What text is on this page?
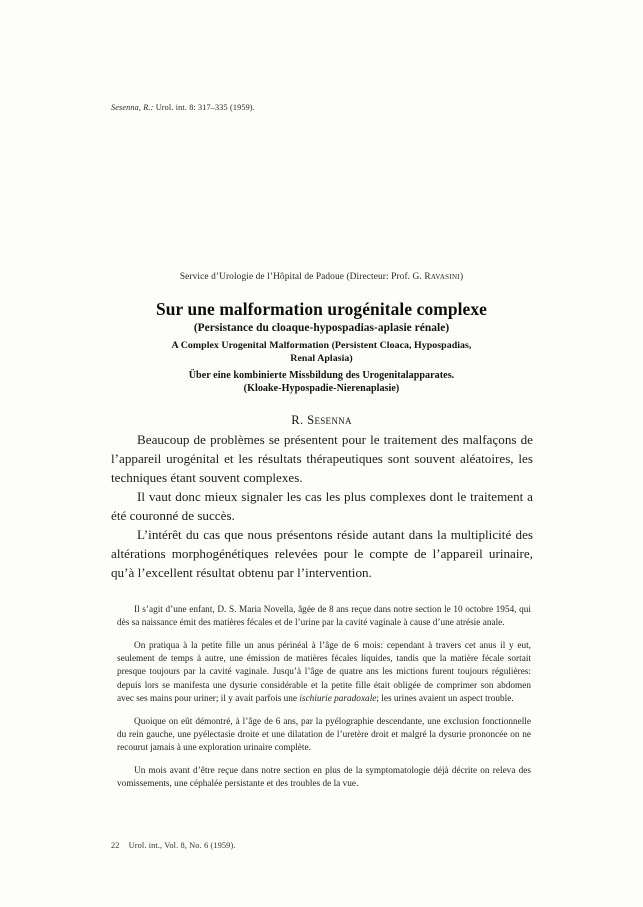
Sesenna, R.: Urol. int. 8: 317–335 (1959).
Service d’Urologie de l’Hôpital de Padoue (Directeur: Prof. G. Ravasini)
Sur une malformation urogénitale complexe
(Persistance du cloaque-hypospadias-aplasie rénale)
A Complex Urogenital Malformation (Persistent Cloaca, Hypospadias,
Renal Aplasia)
Über eine kombinierte Missbildung des Urogenitalapparates.
(Kloake-Hypospadie-Nierenaplasie)
R. Sesenna

Beaucoup de problèmes se présentent pour le traitement des malfaçons de l’appareil urogénital et les résultats thérapeutiques sont souvent aléatoires, les techniques étant souvent complexes.

Il vaut donc mieux signaler les cas les plus complexes dont le traitement a été couronné de succès.

L’intérêt du cas que nous présentons réside autant dans la multiplicité des altérations morphogénétiques relevées pour le compte de l’appareil urinaire, qu’à l’excellent résultat obtenu par l’intervention.

Il s’agit d’une enfant, D. S. Maria Novella, âgée de 8 ans reçue dans notre section le 10 octobre 1954, qui dès sa naissance émit des matières fécales et de l’urine par la cavité vaginale à cause d’une atrésie anale.

On pratiqua à la petite fille un anus périnéal à l’âge de 6 mois: cependant à travers cet anus il y eut, seulement de temps à autre, une émission de matières fécales liquides, tandis que la matière fécale sortait presque toujours par la cavité vaginale. Jusqu’à l’âge de quatre ans les mictions furent toujours régulières: depuis lors se manifesta une dysurie considérable et la petite fille était obligée de comprimer son abdomen avec ses mains pour uriner; il y avait parfois une ischiurie paradoxale; les urines avaient un aspect trouble.

Quoique on eût démontré, à l’âge de 6 ans, par la pyélographie descendante, une exclusion fonctionnelle du rein gauche, une pyélectasie droite et une dilatation de l’uretère droit et malgré la dysurie prononcée on ne recourut jamais à une exploration urinaire complète.

Un mois avant d’être reçue dans notre section en plus de la symptomatologie déjà décrite on releva des vomissements, une céphalée persistante et des troubles de la vue.

22 Urol. int., Vol. 8, No. 6 (1959).
